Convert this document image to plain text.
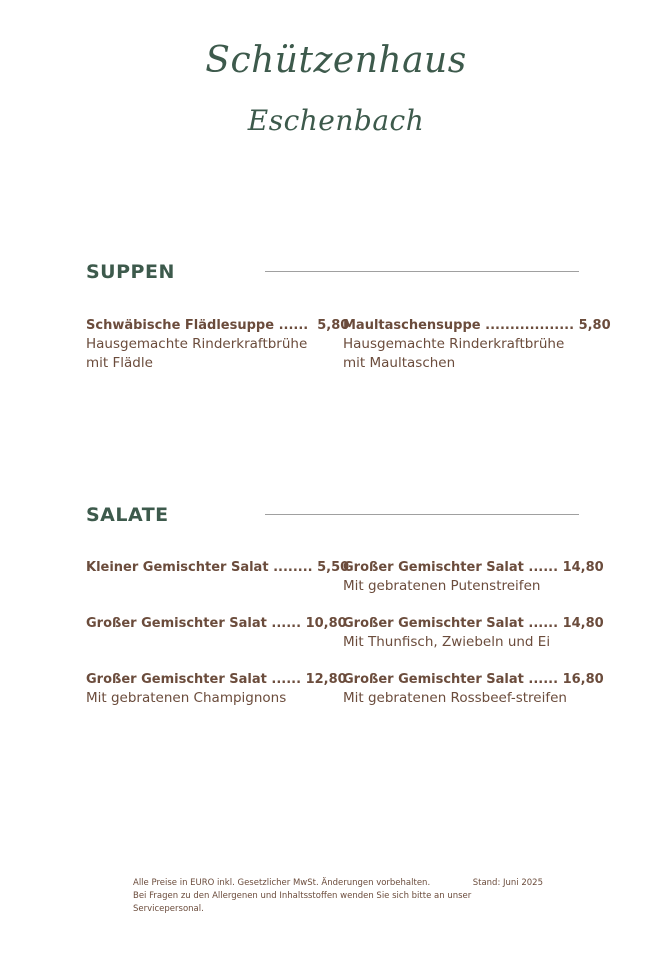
Schützenhaus
Eschenbach
SUPPEN
Schwäbische Flädlesuppe ...... 5,80
Hausgemachte Rinderkraftbrühe
mit Flädle
Maultaschensuppe .................. 5,80
Hausgemachte Rinderkraftbrühe
mit Maultaschen
SALATE
Kleiner Gemischter Salat ........ 5,50
Großer Gemischter Salat ...... 14,80
Mit gebratenen Putenstreifen
Großer Gemischter Salat ...... 10,80
Großer Gemischter Salat ...... 14,80
Mit Thunfisch, Zwiebeln und Ei
Großer Gemischter Salat ...... 12,80
Mit gebratenen Champignons
Großer Gemischter Salat ...... 16,80
Mit gebratenen Rossbeef-streifen
Alle Preise in EURO inkl. Gesetzlicher MwSt. Änderungen vorbehalten.	Stand: Juni 2025
Bei Fragen zu den Allergenen und Inhaltsstoffen wenden Sie sich bitte an unser Servicepersonal.
